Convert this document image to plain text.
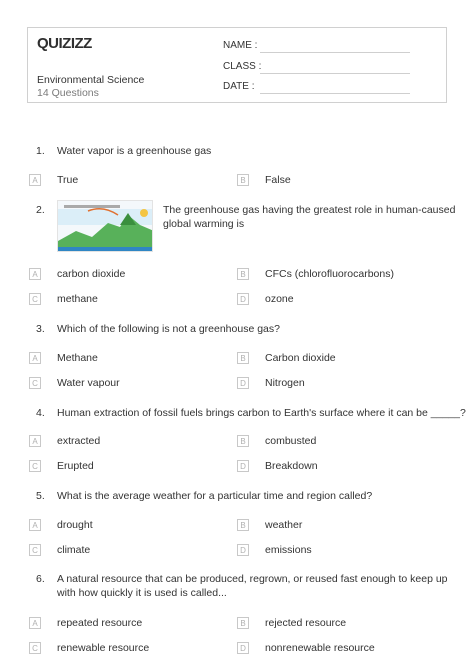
QUIZIZZ
Environmental Science
14 Questions
NAME :
CLASS :
DATE :
1. Water vapor is a greenhouse gas
A	True	B	False
2.	The greenhouse gas having the greatest role in human-caused
global warming is
A	carbon dioxide	B	CFCs (chlorofluorocarbons)
C methane	D ozone
3. Which of the following is not a greenhouse gas?
A	Methane	B	Carbon dioxide
C Water vapour	D Nitrogen
4. Human extraction of fossil fuels brings carbon to Earth's surface where it can be _____?
A	extracted	B	combusted
C Erupted	D Breakdown
5. What is the average weather for a particular time and region called?
A	drought	B	weather
C climate	D emissions
6. A natural resource that can be produced, regrown, or reused fast enough to keep up
with how quickly it is used is called...
A	repeated resource	B	rejected resource
C renewable resource	D nonrenewable resource
